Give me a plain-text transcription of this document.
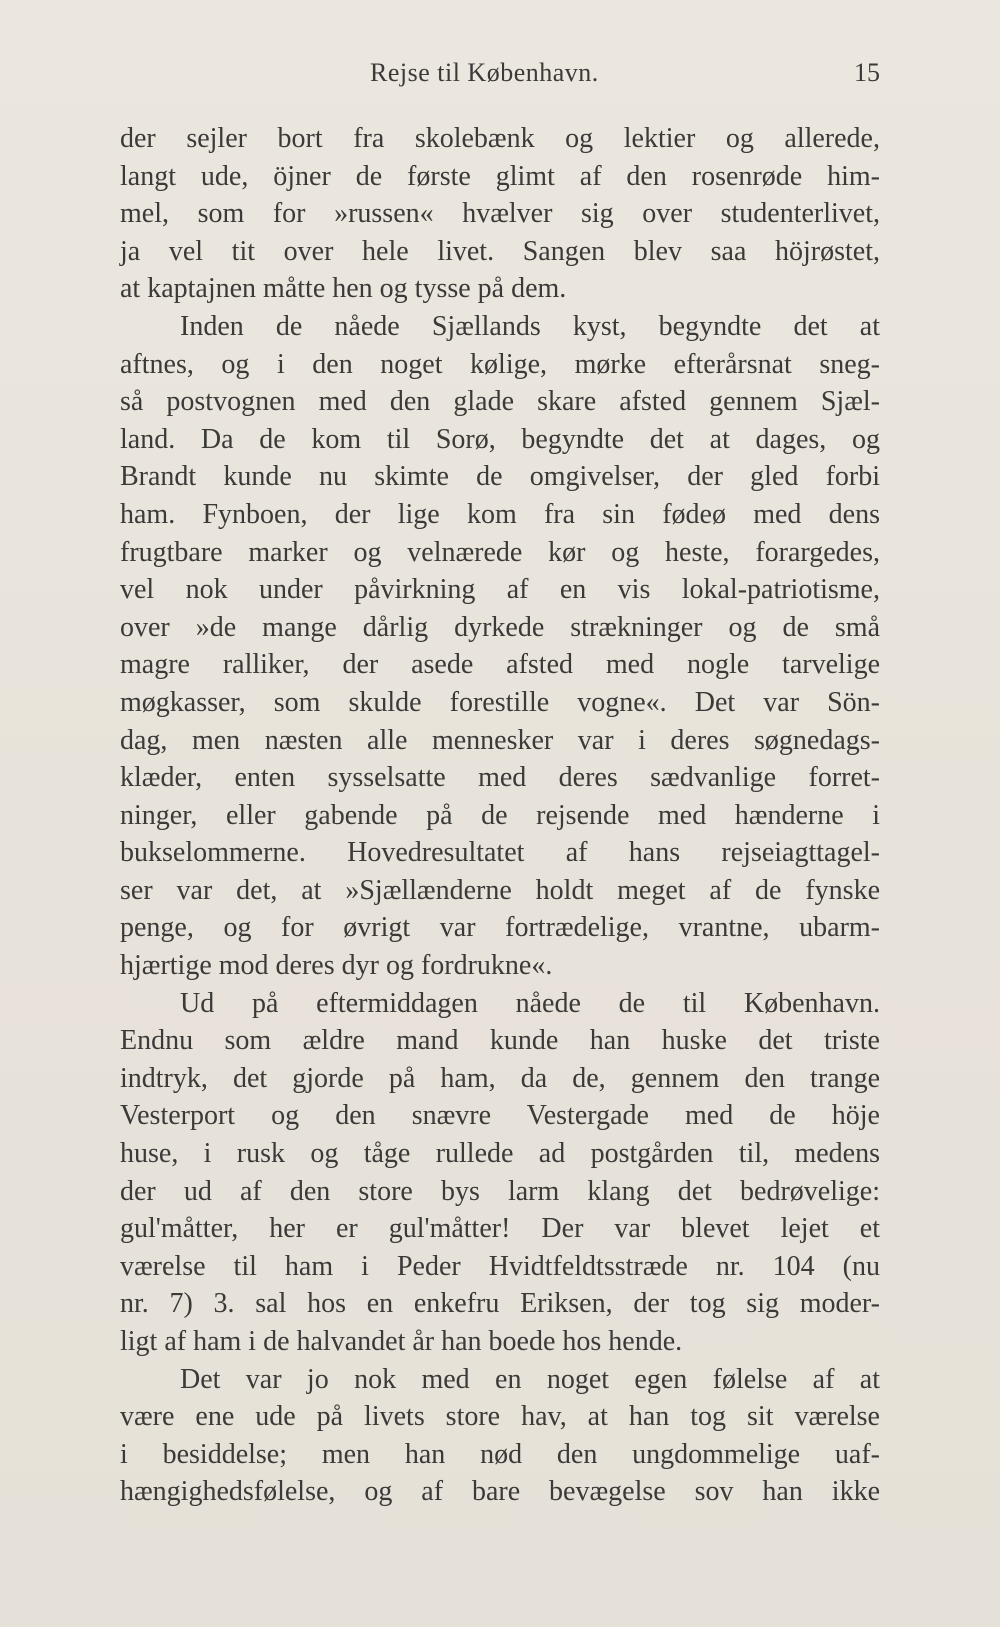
Rejse til København.	15
der sejler bort fra skolebænk og lektier og allerede,
langt ude, öjner de første glimt af den rosenrøde him-
mel, som for »russen« hvælver sig over studenterlivet,
ja vel tit over hele livet. Sangen blev saa höjrøstet,
at kaptajnen måtte hen og tysse på dem.
Inden de nåede Sjællands kyst, begyndte det at
aftnes, og i den noget kølige, mørke efterårsnat sneg-
så postvognen med den glade skare afsted gennem Sjæl-
land. Da de kom til Sorø, begyndte det at dages, og
Brandt kunde nu skimte de omgivelser, der gled forbi
ham. Fynboen, der lige kom fra sin fødeø med dens
frugtbare marker og velnærede kør og heste, forargedes,
vel nok under påvirkning af en vis lokal-patriotisme,
over »de mange dårlig dyrkede strækninger og de små
magre ralliker, der asede afsted med nogle tarvelige
møgkasser, som skulde forestille vogne«. Det var Sön-
dag, men næsten alle mennesker var i deres søgnedags-
klæder, enten sysselsatte med deres sædvanlige forret-
ninger, eller gabende på de rejsende med hænderne i
bukselommerne. Hovedresultatet af hans rejseiagttagel-
ser var det, at »Sjællænderne holdt meget af de fynske
penge, og for øvrigt var fortrædelige, vrantne, ubarm-
hjærtige mod deres dyr og fordrukne«.
Ud på eftermiddagen nåede de til København.
Endnu som ældre mand kunde han huske det triste
indtryk, det gjorde på ham, da de, gennem den trange
Vesterport og den snævre Vestergade med de höje
huse, i rusk og tåge rullede ad postgården til, medens
der ud af den store bys larm klang det bedrøvelige:
gul'måtter, her er gul'måtter! Der var blevet lejet et
værelse til ham i Peder Hvidtfeldtsstræde nr. 104 (nu
nr. 7) 3. sal hos en enkefru Eriksen, der tog sig moder-
ligt af ham i de halvandet år han boede hos hende.
Det var jo nok med en noget egen følelse af at
være ene ude på livets store hav, at han tog sit værelse
i besiddelse; men han nød den ungdommelige uaf-
hængighedsfølelse, og af bare bevægelse sov han ikke
